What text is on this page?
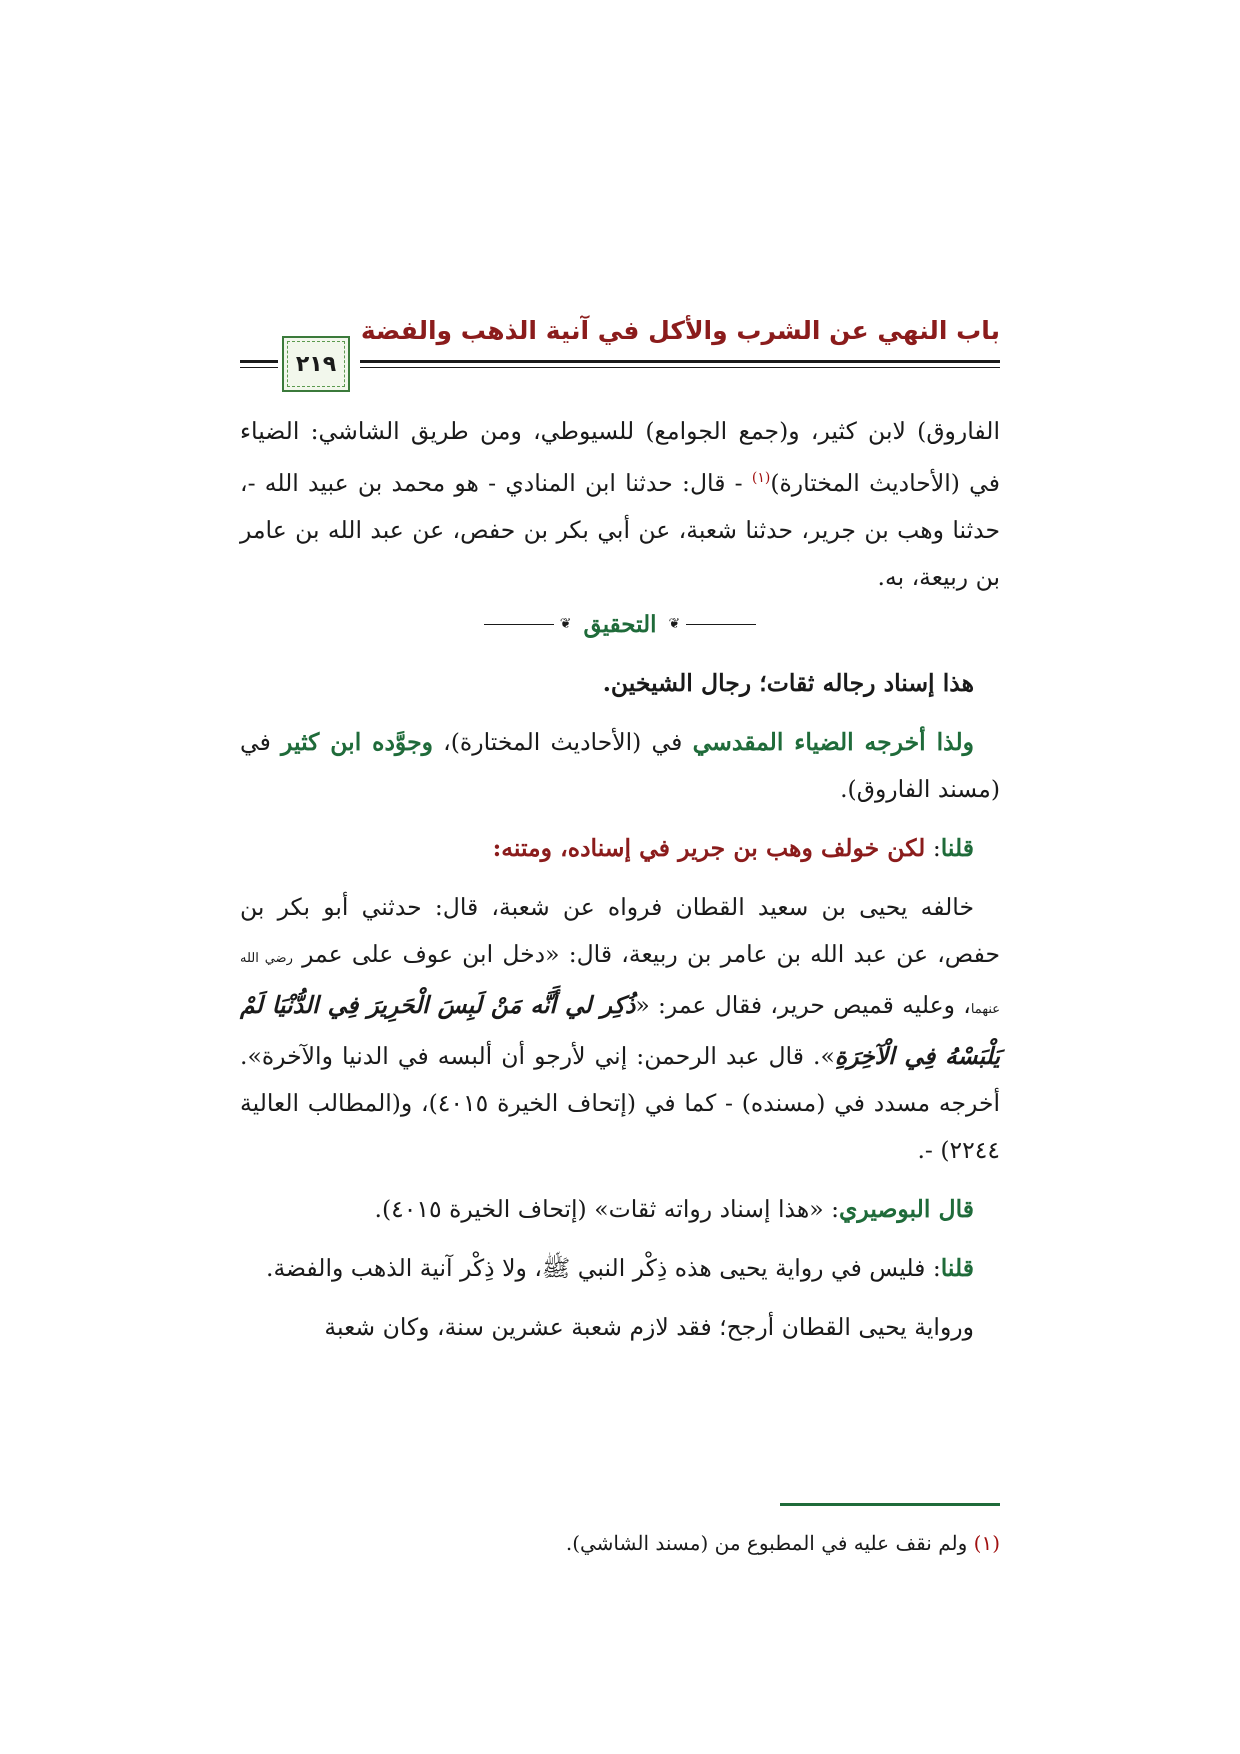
باب النهي عن الشرب والأكل في آنية الذهب والفضة
٢١٩

الفاروق) لابن كثير، و(جمع الجوامع) للسيوطي، ومن طريق الشاشي: الضياء في (الأحاديث المختارة)$^{(١)}$ - قال: حدثنا ابن المنادي - هو محمد بن عبيد الله -، حدثنا وهب بن جرير، حدثنا شعبة، عن أبي بكر بن حفص، عن عبد الله بن عامر بن ربيعة، به.

❦
التحقيق
❦

هذا إسناد رجاله ثقات؛ رجال الشيخين.

ولذا أخرجه الضياء المقدسي في (الأحاديث المختارة)، وجوَّده ابن كثير في (مسند الفاروق).

قلنا: لكن خولف وهب بن جرير في إسناده، ومتنه:

خالفه يحيى بن سعيد القطان فرواه عن شعبة، قال: حدثني أبو بكر بن حفص، عن عبد الله بن عامر بن ربيعة، قال: «دخل ابن عوف على عمر رضي الله عنهما، وعليه قميص حرير، فقال عمر: «ذُكِر لي أَنَّه مَنْ لَبِسَ الْحَرِيرَ فِي الدُّنْيَا لَمْ يَلْبَسْهُ فِي الْآخِرَةِ». قال عبد الرحمن: إني لأرجو أن ألبسه في الدنيا والآخرة». أخرجه مسدد في (مسنده) - كما في (إتحاف الخيرة ٤٠١٥)، و(المطالب العالية ٢٢٤٤) -.

قال البوصيري: «هذا إسناد رواته ثقات» (إتحاف الخيرة ٤٠١٥).

قلنا: فليس في رواية يحيى هذه ذِكْر النبي ﷺ، ولا ذِكْر آنية الذهب والفضة.

ورواية يحيى القطان أرجح؛ فقد لازم شعبة عشرين سنة، وكان شعبة

(١) ولم نقف عليه في المطبوع من (مسند الشاشي).
